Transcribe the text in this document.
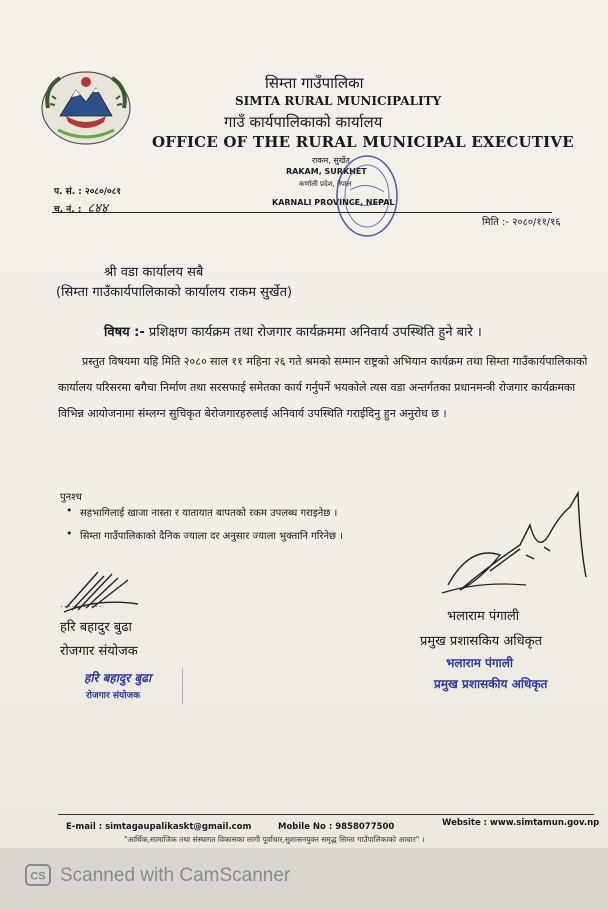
सिम्ता गाउँपालिका
SIMTA RURAL MUNICIPALITY
गाउँ कार्यपालिकाको कार्यालय
OFFICE OF THE RURAL MUNICIPAL EXECUTIVE
राकम, सुर्खेत
RAKAM, SURKHET
कर्णाली प्रदेश, नेपाल
KARNALI PROVINCE, NEPAL
प. सं. : २०८०/०८१
च. नं. : ८४४
मिति :- २०८०/११/१६
श्री वडा कार्यालय सबै
(सिम्ता गाउँकार्यपालिकाको कार्यालय राकम सुर्खेत)
विषय :- प्रशिक्षण कार्यक्रम तथा रोजगार कार्यक्रममा अनिवार्य उपस्थिति हुने बारे ।
प्रस्तुत विषयमा यहि मिति २०८० साल ११ महिना २६ गते श्रमको सम्मान राष्ट्रको अभियान कार्यक्रम तथा सिम्ता गाउँकार्यपालिकाको कार्यालय परिसरमा बगैचा निर्माण तथा सरसफाई समेतका कार्य गर्नुपर्ने भयकोले त्यस वडा अन्तर्गतका प्रधानमन्त्री रोजगार कार्यक्रमका विभिन्न आयोजनामा संम्लग्न सुचिकृत बेरोजगारहरुलाई अनिवार्य उपस्थिति गराईदिनु हुन अनुरोध छ ।
पुनश्च
• सहभागिलाई खाजा नास्ता र यातायात बापतको रकम उपलब्ध गराइनेछ ।
• सिम्ता गाउँपालिकाको दैनिक ज्याला दर अनुसार ज्याला भुक्तानि गरिनेछ ।
...........
हरि बहादुर बुढा
रोजगार संयोजक
हरि बहादुर बुढा
रोजगार संयोजक
भलाराम पंगाली
प्रमुख प्रशासकिय अधिकृत
भलाराम पंगाली
प्रमुख प्रशासकीय अधिकृत
E-mail : simtagaupalikaskt@gmail.com	Mobile No : 9858077500	Website : www.simtamun.gov.np
"आर्थिक,सामाजिक तथा संस्थागत विकासका लागी पूर्वाधार,सुशासनयुक्त समृद्ध सिम्ता गाउँपालिकाको आधार" ।
CS Scanned with CamScanner
